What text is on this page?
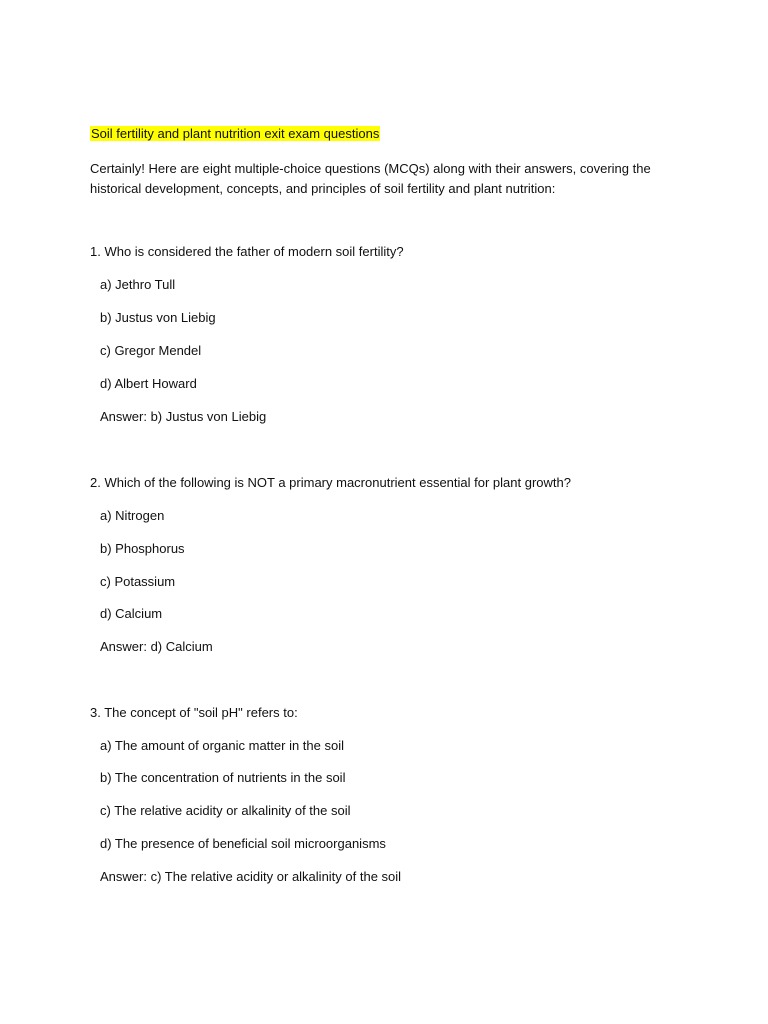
Soil fertility and plant nutrition exit exam questions
Certainly! Here are eight multiple-choice questions (MCQs) along with their answers, covering the historical development, concepts, and principles of soil fertility and plant nutrition:
1. Who is considered the father of modern soil fertility?
a) Jethro Tull
b) Justus von Liebig
c) Gregor Mendel
d) Albert Howard
Answer: b) Justus von Liebig
2. Which of the following is NOT a primary macronutrient essential for plant growth?
a) Nitrogen
b) Phosphorus
c) Potassium
d) Calcium
Answer: d) Calcium
3. The concept of "soil pH" refers to:
a) The amount of organic matter in the soil
b) The concentration of nutrients in the soil
c) The relative acidity or alkalinity of the soil
d) The presence of beneficial soil microorganisms
Answer: c) The relative acidity or alkalinity of the soil
